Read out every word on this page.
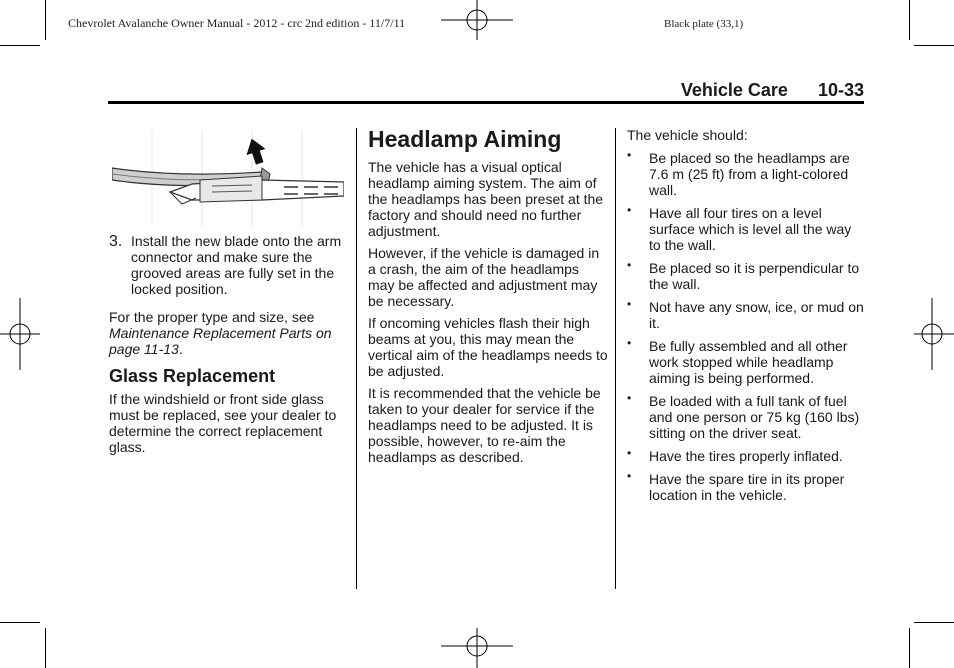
Chevrolet Avalanche Owner Manual - 2012 - crc 2nd edition - 11/7/11	Black plate (33,1)
Vehicle Care 10-33
3. Install the new blade onto the arm connector and make sure the grooved areas are fully set in the locked position.

For the proper type and size, see Maintenance Replacement Parts on page 11-13.

Glass Replacement

If the windshield or front side glass must be replaced, see your dealer to determine the correct replacement glass.

Headlamp Aiming

The vehicle has a visual optical headlamp aiming system. The aim of the headlamps has been preset at the factory and should need no further adjustment.

However, if the vehicle is damaged in a crash, the aim of the headlamps may be affected and adjustment may be necessary.

If oncoming vehicles flash their high beams at you, this may mean the vertical aim of the headlamps needs to be adjusted.

It is recommended that the vehicle be taken to your dealer for service if the headlamps need to be adjusted. It is possible, however, to re-aim the headlamps as described.

The vehicle should:

• Be placed so the headlamps are 7.6 m (25 ft) from a light-colored wall.
• Have all four tires on a level surface which is level all the way to the wall.
• Be placed so it is perpendicular to the wall.
• Not have any snow, ice, or mud on it.
• Be fully assembled and all other work stopped while headlamp aiming is being performed.
• Be loaded with a full tank of fuel and one person or 75 kg (160 lbs) sitting on the driver seat.
• Have the tires properly inflated.
• Have the spare tire in its proper location in the vehicle.
